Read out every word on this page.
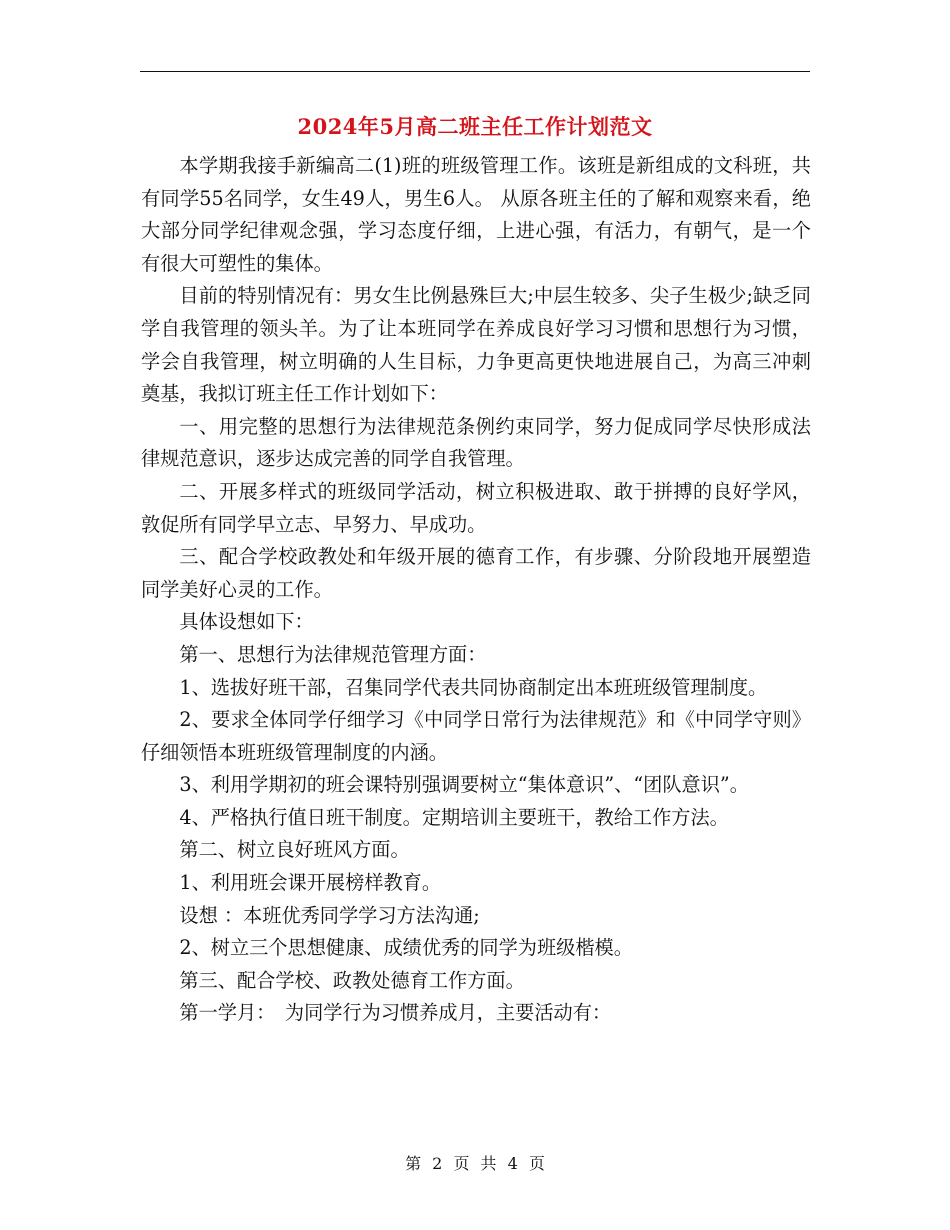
2024年5月高二班主任工作计划范文

本学期我接手新编高二(1)班的班级管理工作。该班是新组成的文科班，共有同学55名同学，女生49人，男生6人。 从原各班主任的了解和观察来看，绝大部分同学纪律观念强，学习态度仔细，上进心强，有活力，有朝气，是一个有很大可塑性的集体。

目前的特别情况有：男女生比例悬殊巨大;中层生较多、尖子生极少;缺乏同学自我管理的领头羊。为了让本班同学在养成良好学习习惯和思想行为习惯，学会自我管理，树立明确的人生目标，力争更高更快地进展自己，为高三冲刺奠基，我拟订班主任工作计划如下：

一、用完整的思想行为法律规范条例约束同学，努力促成同学尽快形成法律规范意识，逐步达成完善的同学自我管理。

二、开展多样式的班级同学活动，树立积极进取、敢于拼搏的良好学风，敦促所有同学早立志、早努力、早成功。

三、配合学校政教处和年级开展的德育工作，有步骤、分阶段地开展塑造同学美好心灵的工作。

具体设想如下：

第一、思想行为法律规范管理方面：

1、选拔好班干部，召集同学代表共同协商制定出本班班级管理制度。

2、要求全体同学仔细学习《中同学日常行为法律规范》和《中同学守则》仔细领悟本班班级管理制度的内涵。

3、利用学期初的班会课特别强调要树立“集体意识”、“团队意识”。

4、严格执行值日班干制度。定期培训主要班干，教给工作方法。

第二、树立良好班风方面。

1、利用班会课开展榜样教育。

设想 ：本班优秀同学学习方法沟通;

2、树立三个思想健康、成绩优秀的同学为班级楷模。

第三、配合学校、政教处德育工作方面。

第一学月：　为同学行为习惯养成月，主要活动有：

第 2 页 共 4 页
